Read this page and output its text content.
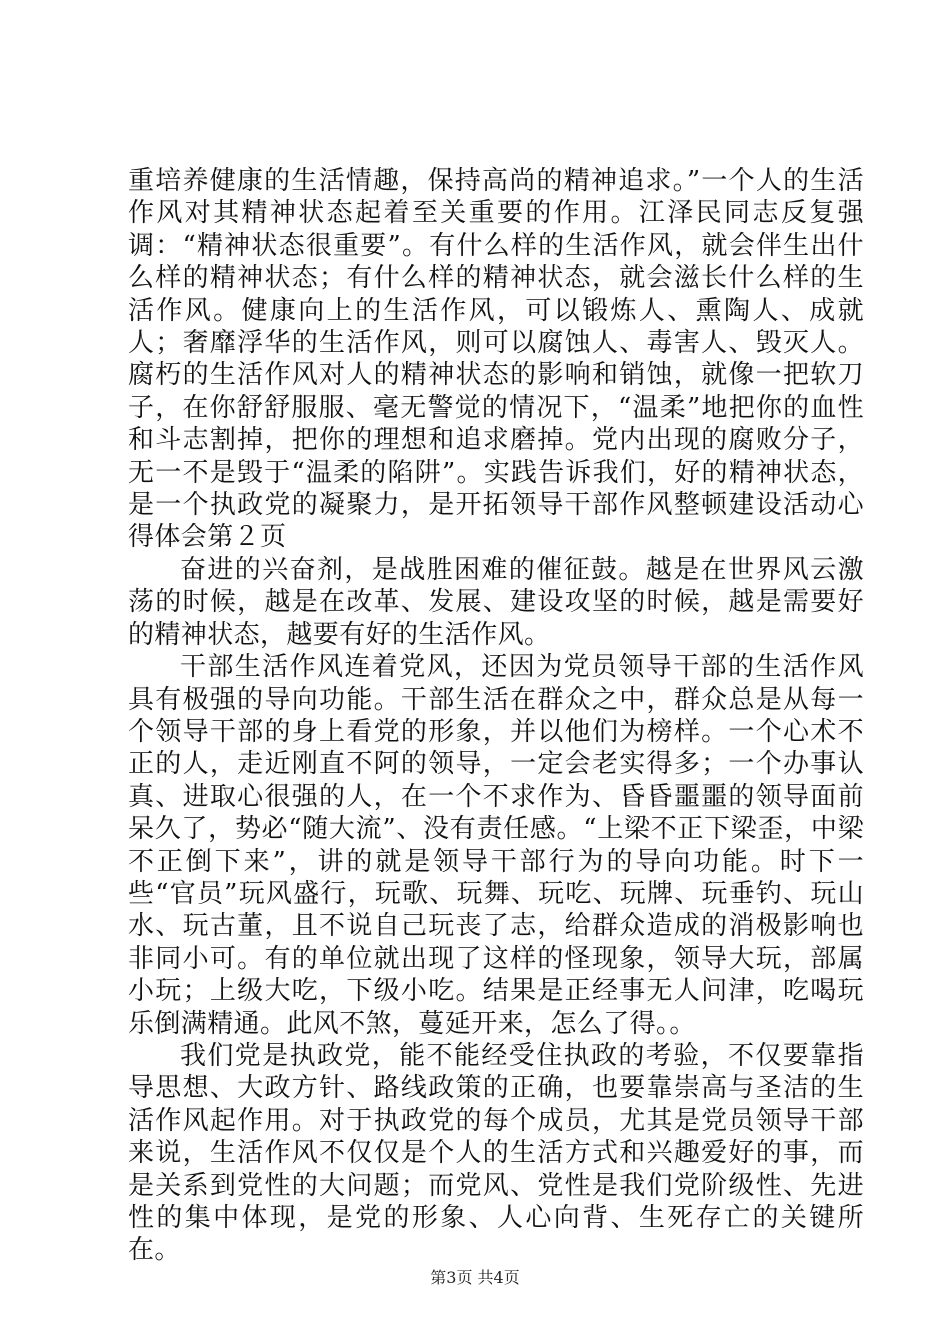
重培养健康的生活情趣，保持高尚的精神追求。”一个人的生活作风对其精神状态起着至关重要的作用。江泽民同志反复强调：“精神状态很重要”。有什么样的生活作风，就会伴生出什么样的精神状态；有什么样的精神状态，就会滋长什么样的生活作风。健康向上的生活作风，可以锻炼人、熏陶人、成就人；奢靡浮华的生活作风，则可以腐蚀人、毒害人、毁灭人。腐朽的生活作风对人的精神状态的影响和销蚀，就像一把软刀子，在你舒舒服服、毫无警觉的情况下，“温柔”地把你的血性和斗志割掉，把你的理想和追求磨掉。党内出现的腐败分子，无一不是毁于“温柔的陷阱”。实践告诉我们，好的精神状态，是一个执政党的凝聚力，是开拓领导干部作风整顿建设活动心得体会第２页

奋进的兴奋剂，是战胜困难的催征鼓。越是在世界风云激荡的时候，越是在改革、发展、建设攻坚的时候，越是需要好的精神状态，越要有好的生活作风。

干部生活作风连着党风，还因为党员领导干部的生活作风具有极强的导向功能。干部生活在群众之中，群众总是从每一个领导干部的身上看党的形象，并以他们为榜样。一个心术不正的人，走近刚直不阿的领导，一定会老实得多；一个办事认真、进取心很强的人，在一个不求作为、昏昏噩噩的领导面前呆久了，势必“随大流”、没有责任感。“上梁不正下梁歪，中梁不正倒下来”，讲的就是领导干部行为的导向功能。时下一些“官员”玩风盛行，玩歌、玩舞、玩吃、玩牌、玩垂钓、玩山水、玩古董，且不说自己玩丧了志，给群众造成的消极影响也非同小可。有的单位就出现了这样的怪现象，领导大玩，部属小玩；上级大吃，下级小吃。结果是正经事无人问津，吃喝玩乐倒满精通。此风不煞，蔓延开来，怎么了得。。

我们党是执政党，能不能经受住执政的考验，不仅要靠指导思想、大政方针、路线政策的正确，也要靠崇高与圣洁的生活作风起作用。对于执政党的每个成员，尤其是党员领导干部来说，生活作风不仅仅是个人的生活方式和兴趣爱好的事，而是关系到党性的大问题；而党风、党性是我们党阶级性、先进性的集中体现，是党的形象、人心向背、生死存亡的关键所在。

第3页 共4页
